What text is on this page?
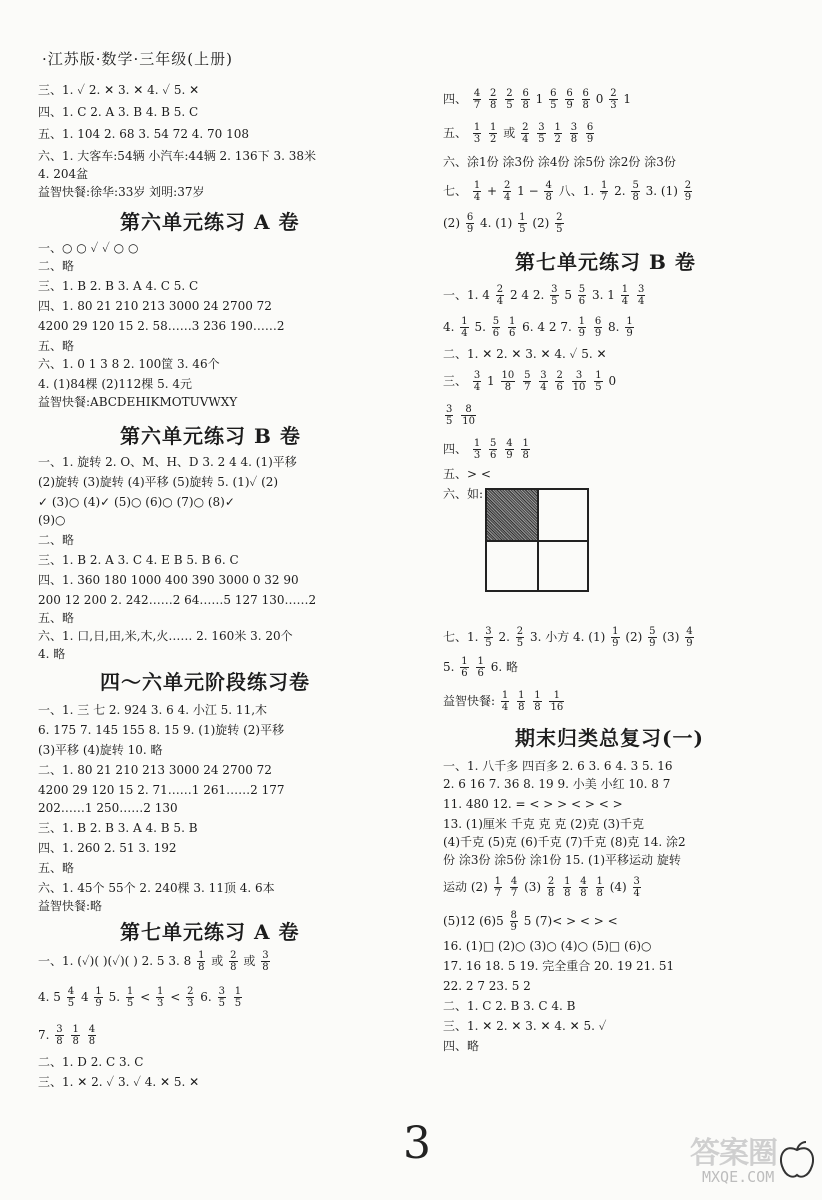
·江苏版·数学·三年级(上册)
三、1. ✓ 2. ✕ 3. ✕ 4. ✓ 5. ✕
四、1. C 2. A 3. B 4. B 5. C
五、1. 104 2. 68 3. 54 72 4. 70 108
六、1. 大客车:54辆 小汽车:44辆 2. 136下 3. 38米
4. 204盆
益智快餐:徐华:33岁 刘明:37岁
第六单元练习 A 卷
一、○ ○ ✓ ✓ ○ ○
二、略
三、1. B 2. B 3. A 4. C 5. C
四、1. 80 21 210 213 3000 24 2700 72
4200 29 120 15 2. 58……3 236 190……2
五、略
六、1. 0 1 3 8 2. 100筐 3. 46个
4. (1)84棵 (2)112棵 5. 4元
益智快餐:ABCDEHIKMOTUVWXY
第六单元练习 B 卷
一、1. 旋转 2. O、M、H、D 3. 2 4 4. (1)平移
(2)旋转 (3)旋转 (4)平移 (5)旋转 5. (1)✓ (2)
✓ (3)○ (4)✓ (5)○ (6)○ (7)○ (8)✓
(9)○
二、略
三、1. B 2. A 3. C 4. E B 5. B 6. C
四、1. 360 180 1000 400 390 3000 0 32 90
200 12 200 2. 242……2 64……5 127 130……2
五、略
六、1. 口,日,田,米,木,火…… 2. 160米 3. 20个
4. 略
四～六单元阶段练习卷
一、1. 三 七 2. 924 3. 6 4. 小江 5. 11,木
6. 175 7. 145 155 8. 15 9. (1)旋转 (2)平移
(3)平移 (4)旋转 10. 略
二、1. 80 21 210 213 3000 24 2700 72
4200 29 120 15 2. 71……1 261……2 177
202……1 250……2 130
三、1. B 2. B 3. A 4. B 5. B
四、1. 260 2. 51 3. 192
五、略
六、1. 45个 55个 2. 240棵 3. 11顶 4. 6本
益智快餐:略
第七单元练习 A 卷
一、1. (✓)( )(✓)( ) 2. 5 3. $8 \frac{1}{8}$ 或 $\frac{2}{8}$ 或 $\frac{3}{8}$
4. $5 \frac{4}{5} 4 \frac{1}{9} 5$. $\frac{1}{5} < \frac{1}{3} < \frac{2}{3} 6$. $\frac{3}{5}$
$\frac{1}{5}$
7. $\frac{3}{8}$
$\frac{1}{8}$
$\frac{4}{8}$
二、1. D 2. C 3. C
三、1. ✕ 2. ✓ 3. ✓ 4. ✕ 5. ✕
四、 $\frac{4}{7}$
$\frac{2}{8}$
$\frac{2}{5}$
$\frac{6}{8} 1 \frac{6}{5}$
$\frac{6}{9}$
$\frac{6}{8} 0 \frac{2}{3} 1$
五、 $\frac{1}{3}$
$\frac{1}{2}$ 或 $\frac{2}{4}$
$\frac{3}{5}$
$\frac{1}{2}$
$\frac{3}{8}$
$\frac{6}{9}$
六、涂1份 涂3份 涂4份 涂5份 涂2份 涂3份
七、 $\frac{1}{4} + \frac{2}{4} 1 - \frac{4}{8}$ 八、1. $\frac{1}{7} 2$. $\frac{5}{8} 3$. $(1) \frac{2}{9}$
$(2) \frac{6}{9} 4$. $(1) \frac{1}{5} (2) \frac{2}{5}$
第七单元练习 B 卷
一、1. $4 \frac{2}{4} 2$ 4 2. $\frac{3}{5} 5 \frac{5}{6} 3$. $1 \frac{1}{4}$
$\frac{3}{4}$
4. $\frac{1}{4} 5$. $\frac{5}{6}$
$\frac{1}{6} 6$. 4 2 7. $\frac{1}{9}$
$\frac{6}{9} 8$. $\frac{1}{9}$
二、1. ✕ 2. ✕ 3. ✕ 4. ✓ 5. ✕
三、 $\frac{3}{4} 1 \frac{10}{8}$
$\frac{5}{7}$
$\frac{3}{4}$
$\frac{2}{6}$
$\frac{3}{10}$
$\frac{1}{5} 0$
$\frac{3}{5}$
$\frac{8}{10}$
四、 $\frac{1}{3}$
$\frac{5}{6}$
$\frac{4}{9}$
$\frac{1}{8}$
五、> <
六、如:
七、1. $\frac{3}{5} 2$. $\frac{2}{5} 3$. 小方 4. $(1) \frac{1}{9} (2) \frac{5}{9} (3) \frac{4}{9}$
5. $\frac{1}{6}$
$\frac{1}{6} 6$. 略
益智快餐: $\frac{1}{4}$
$\frac{1}{8}$
$\frac{1}{8}$
$\frac{1}{16}$
期末归类总复习(一)
一、1. 八千多 四百多 2. 6 3. 6 4. 3 5. 16
2. 6 16 7. 36 8. 19 9. 小美 小红 10. 8 7
11. 480 12. = < > > < > < >
13. (1)厘米 千克 克 克 (2)克 (3)千克
(4)千克 (5)克 (6)千克 (7)千克 (8)克 14. 涂2
份 涂3份 涂5份 涂1份 15. (1)平移运动 旋转
运动 $(2) \frac{1}{7}$
$\frac{4}{7} (3) \frac{2}{8}$
$\frac{1}{8}$
$\frac{4}{8}$
$\frac{1}{8} (4) \frac{3}{4}$
(5)12 $(6)5 \frac{8}{9} 5$ (7)< > < > <
16. (1)□ (2)○ (3)○ (4)○ (5)□ (6)○
17. 16 18. 5 19. 完全重合 20. 19 21. 51
22. 2 7 23. 5 2
二、1. C 2. B 3. C 4. B
三、1. ✕ 2. ✕ 3. ✕ 4. ✕ 5. ✓
四、略
3	答案圈
MXQE.COM
